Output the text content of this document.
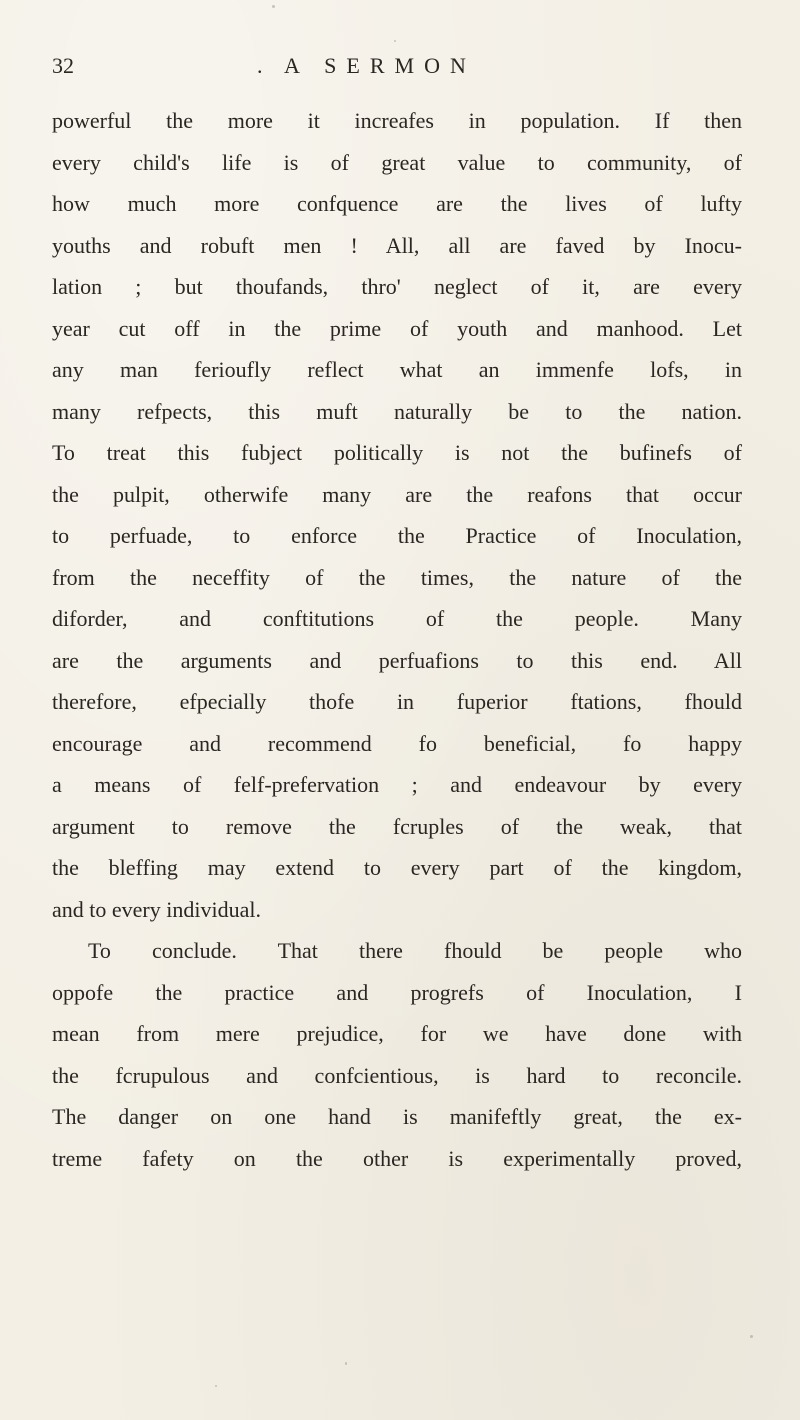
32	. A SERMON
powerful the more it increafes in population. If then
every child's life is of great value to community, of
how much more confquence are the lives of lufty
youths and robuft men ! All, all are faved by Inocu-
lation ; but thoufands, thro' neglect of it, are every
year cut off in the prime of youth and manhood. Let
any man ferioufly reflect what an immenfe lofs, in
many refpects, this muft naturally be to the nation.
To treat this fubject politically is not the bufinefs of
the pulpit, otherwife many are the reafons that occur
to perfuade, to enforce the Practice of Inoculation,
from the neceffity of the times, the nature of the
diforder, and conftitutions of the people. Many
are the arguments and perfuafions to this end. All
therefore, efpecially thofe in fuperior ftations, fhould
encourage and recommend fo beneficial, fo happy
a means of felf-prefervation ; and endeavour by every
argument to remove the fcruples of the weak, that
the bleffing may extend to every part of the kingdom,
and to every individual.
To conclude. That there fhould be people who
oppofe the practice and progrefs of Inoculation, I
mean from mere prejudice, for we have done with
the fcrupulous and confcientious, is hard to reconcile.
The danger on one hand is manifeftly great, the ex-
treme fafety on the other is experimentally proved,
